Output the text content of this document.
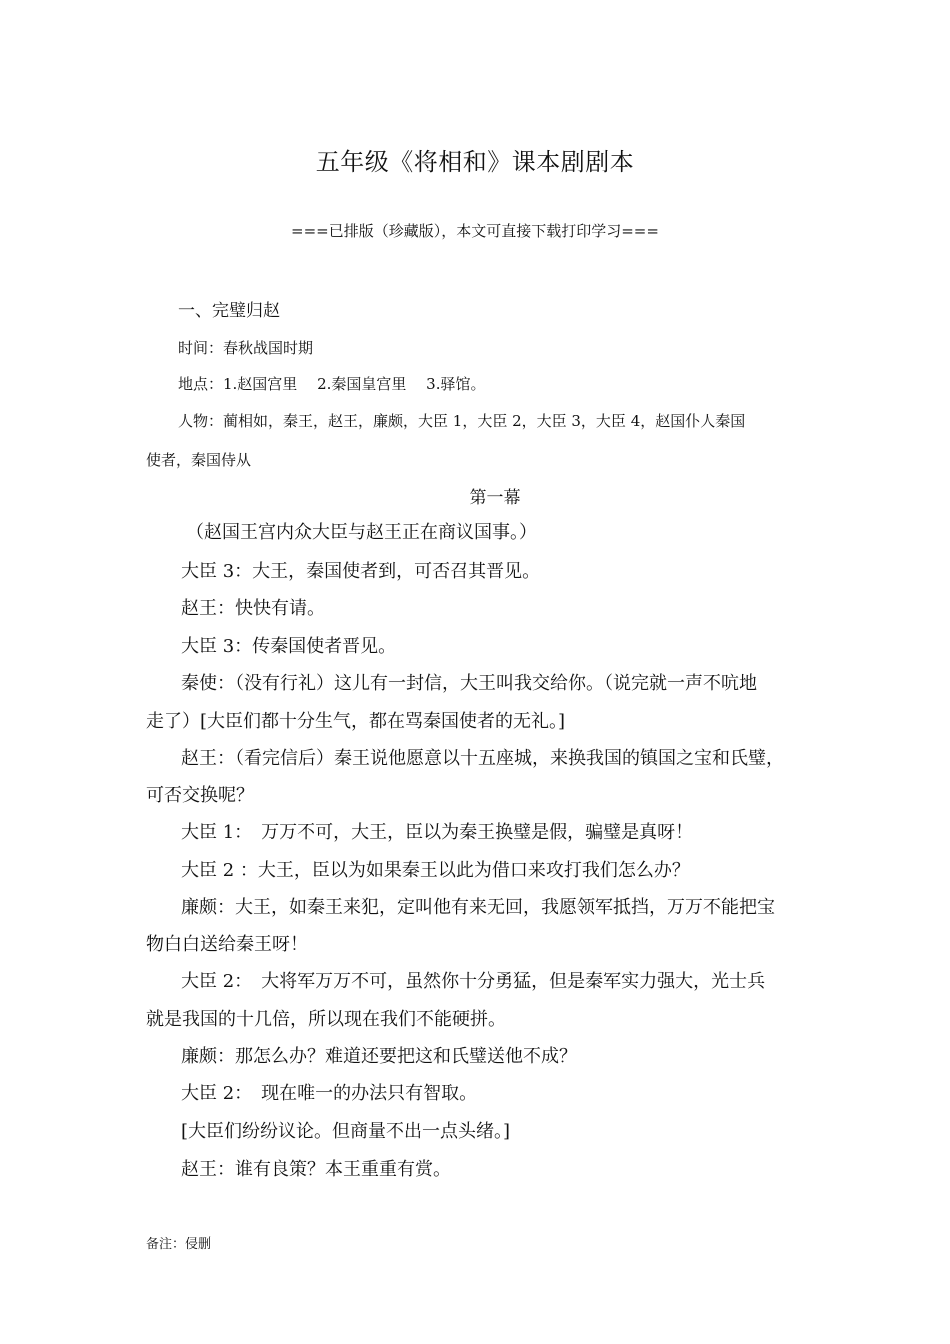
五年级《将相和》课本剧剧本
===已排版（珍藏版），本文可直接下载打印学习===
一、完璧归赵
时间：春秋战国时期
地点：1.赵国宫里　 2.秦国皇宫里　 3.驿馆。
人物：蔺相如，秦王，赵王，廉颇，大臣 1，大臣 2，大臣 3，大臣 4，赵国仆人秦国
使者，秦国侍从
第一幕
（赵国王宫内众大臣与赵王正在商议国事。）
大臣 3：大王，秦国使者到，可否召其晋见。
赵王：快快有请。
大臣 3：传秦国使者晋见。
秦使：（没有行礼）这儿有一封信，大王叫我交给你。（说完就一声不吭地
走了）[大臣们都十分生气，都在骂秦国使者的无礼。]
赵王：（看完信后）秦王说他愿意以十五座城，来换我国的镇国之宝和氏璧，
可否交换呢？
大臣 1：　万万不可，大王，臣以为秦王换璧是假，骗璧是真呀！
大臣 2 ：大王，臣以为如果秦王以此为借口来攻打我们怎么办？
廉颇：大王，如秦王来犯，定叫他有来无回，我愿领军抵挡，万万不能把宝
物白白送给秦王呀！
大臣 2：　大将军万万不可，虽然你十分勇猛，但是秦军实力强大，光士兵
就是我国的十几倍，所以现在我们不能硬拼。
廉颇：那怎么办？难道还要把这和氏璧送他不成？
大臣 2：　现在唯一的办法只有智取。
[大臣们纷纷议论。但商量不出一点头绪。]
赵王：谁有良策？本王重重有赏。
备注：侵删
